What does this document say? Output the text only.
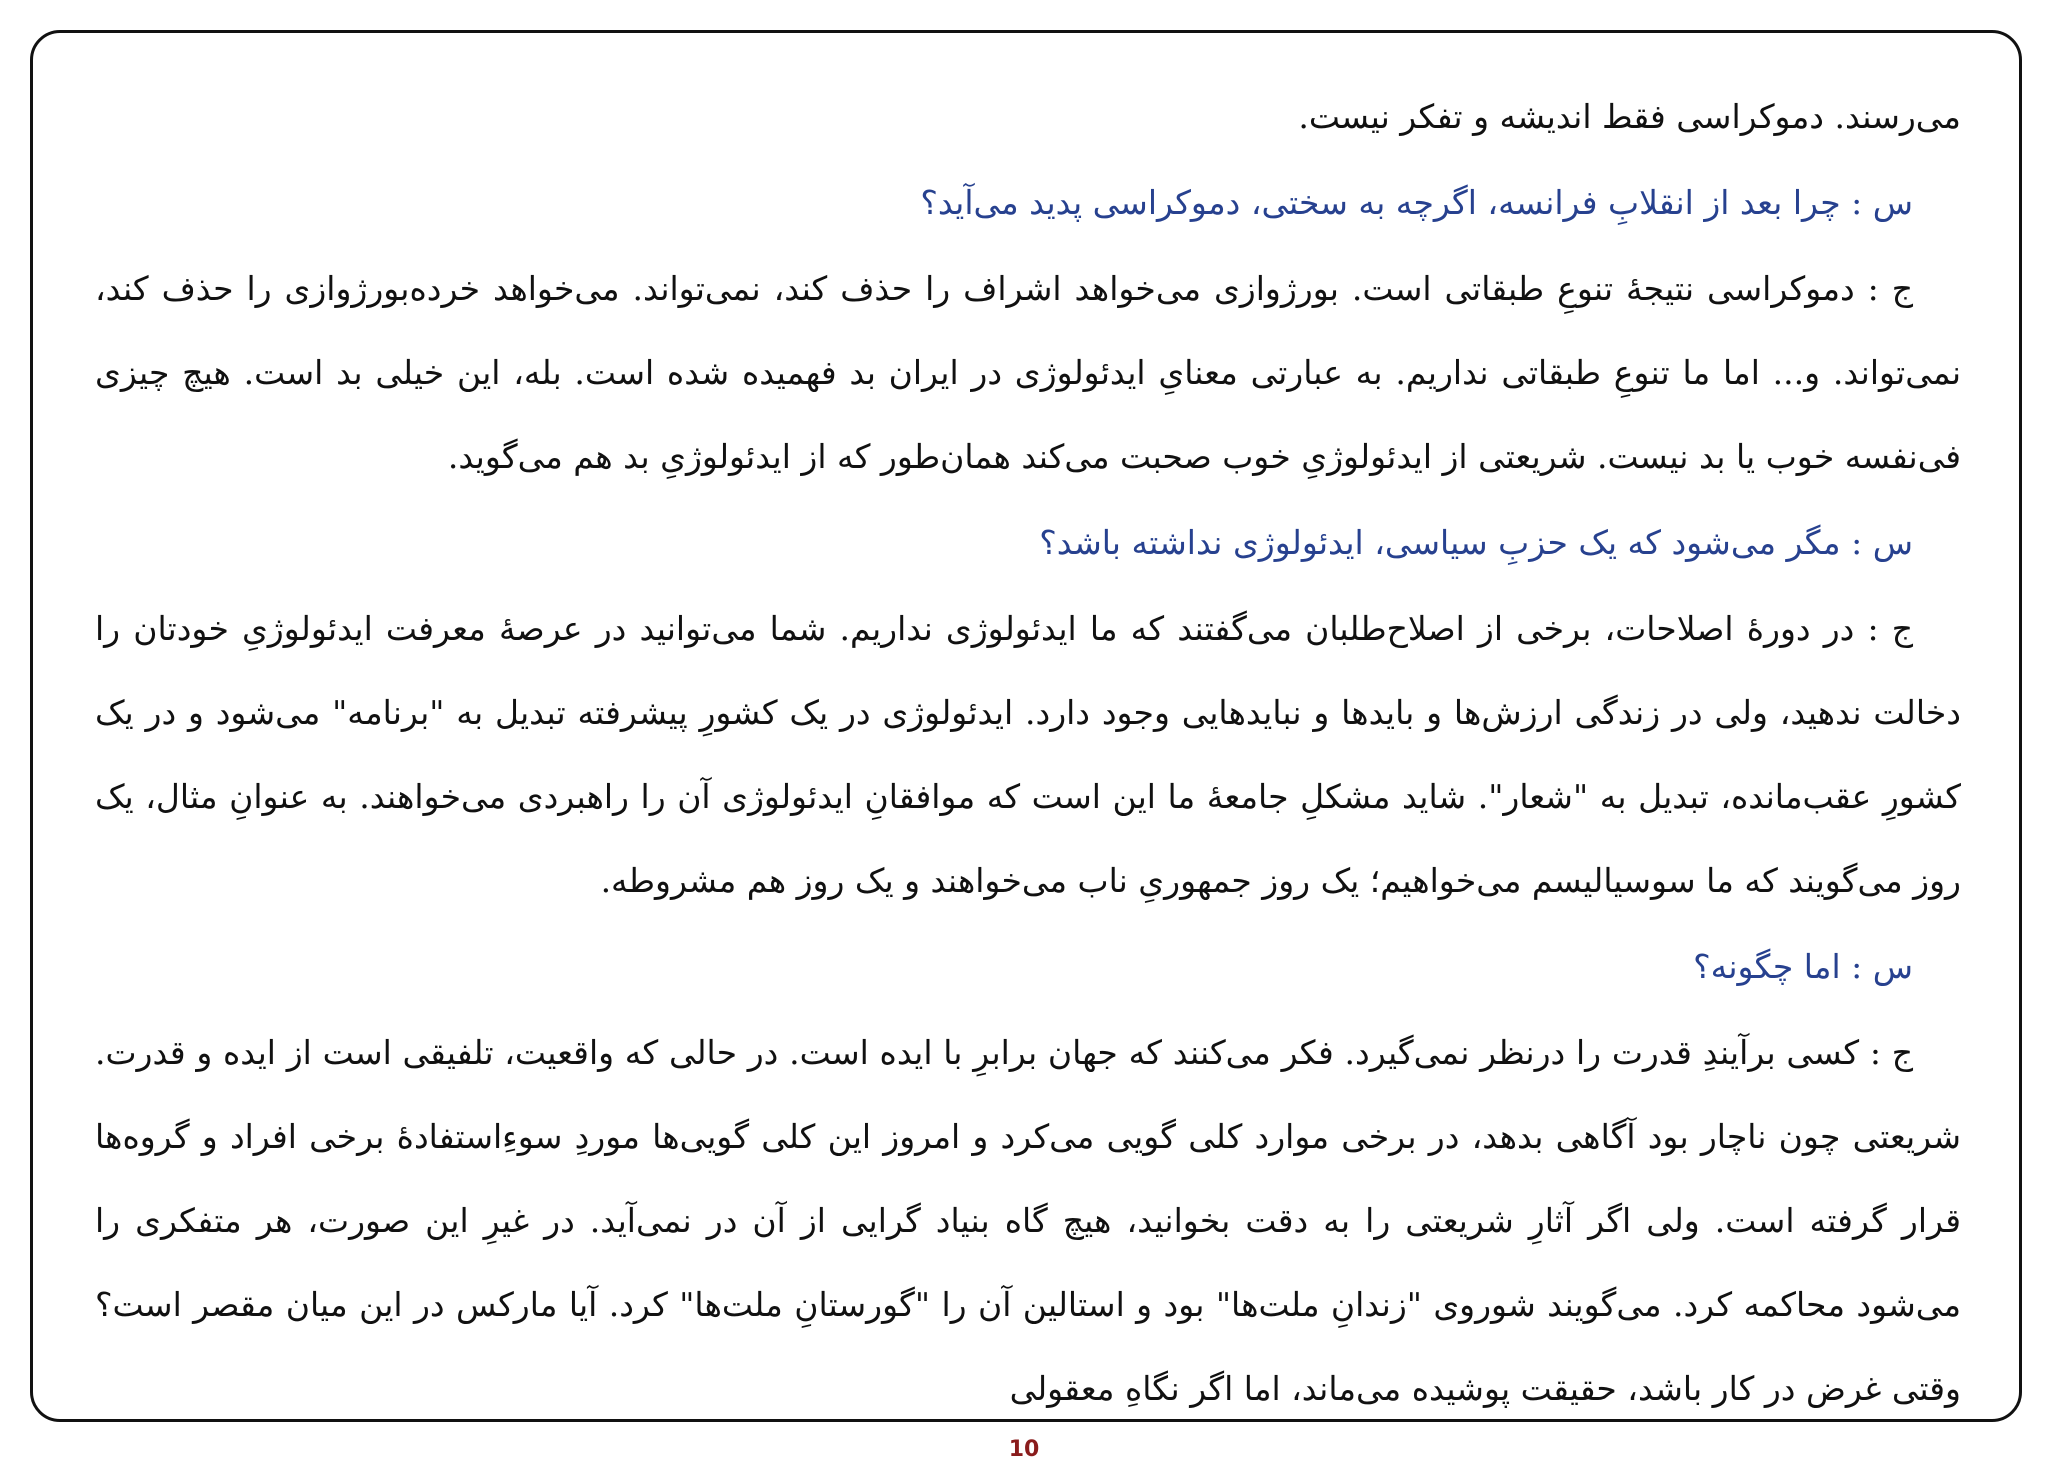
می‌رسند. دموکراسی فقط اندیشه و تفکر نیست.

س : چرا بعد از انقلابِ فرانسه، اگرچه به سختی، دموکراسی پدید می‌آید؟

ج : دموکراسی نتیجهٔ تنوعِ طبقاتی است. بورژوازی می‌خواهد اشراف را حذف کند، نمی‌تواند. می‌خواهد خرده‌بورژوازی را حذف کند، نمی‌تواند. و... اما ما تنوعِ طبقاتی نداریم. به عبارتی معنایِ ایدئولوژی در ایران بد فهمیده شده است. بله، این خیلی بد است. هیچ چیزی فی‌نفسه خوب یا بد نیست. شریعتی از ایدئولوژیِ خوب صحبت می‌کند همان‌طور که از ایدئولوژیِ بد هم می‌گوید.

س : مگر می‌شود که یک حزبِ سیاسی، ایدئولوژی نداشته باشد؟

ج : در دورهٔ اصلاحات، برخی از اصلاح‌طلبان می‌گفتند که ما ایدئولوژی نداریم. شما می‌توانید در عرصهٔ معرفت ایدئولوژیِ خودتان را دخالت ندهید، ولی در زندگی ارزش‌ها و بایدها و نبایدهایی وجود دارد. ایدئولوژی در یک کشورِ پیشرفته تبدیل به "برنامه" می‌شود و در یک کشورِ عقب‌مانده، تبدیل به "شعار". شاید مشکلِ جامعهٔ ما این است که موافقانِ ایدئولوژی آن را راهبردی می‌خواهند. به عنوانِ مثال، یک روز می‌گویند که ما سوسیالیسم می‌خواهیم؛ یک روز جمهوریِ ناب می‌خواهند و یک روز هم مشروطه.

س : اما چگونه؟

ج : کسی برآیندِ قدرت را درنظر نمی‌گیرد. فکر می‌کنند که جهان برابرِ با ایده است. در حالی که واقعیت، تلفیقی است از ایده و قدرت. شریعتی چون ناچار بود آگاهی بدهد، در برخی موارد کلی گویی می‌کرد و امروز این کلی گویی‌ها موردِ سوءِاستفادهٔ برخی افراد و گروه‌ها قرار گرفته است. ولی اگر آثارِ شریعتی را به دقت بخوانید، هیچ گاه بنیاد گرایی از آن در نمی‌آید. در غیرِ این صورت، هر متفکری را می‌شود محاکمه کرد. می‌گویند شوروی "زندانِ ملت‌ها" بود و استالین آن را "گورستانِ ملت‌ها" کرد. آیا مارکس در این میان مقصر است؟ وقتی غرض در کار باشد، حقیقت پوشیده می‌ماند، اما اگر نگاهِ معقولی

10
